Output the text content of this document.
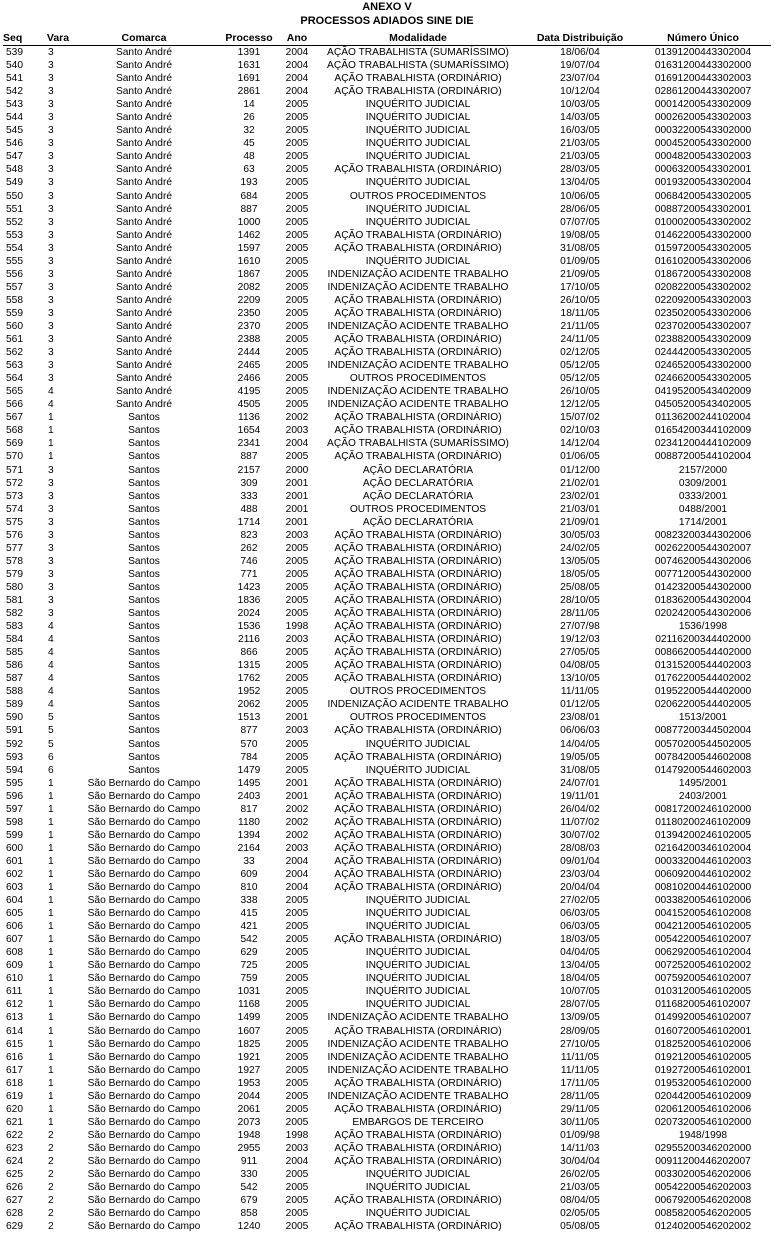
ANEXO V
PROCESSOS ADIADOS SINE DIE
Seq	Vara	Comarca	Processo	Ano	Modalidade	Data Distribuição	Número Único
539	3	Santo André	1391	2004	AÇÃO TRABALHISTA (SUMARÍSSIMO)	18/06/04	01391200443302004
540	3	Santo André	1631	2004	AÇÃO TRABALHISTA (SUMARÍSSIMO)	19/07/04	01631200443302000
541	3	Santo André	1691	2004	AÇÃO TRABALHISTA (ORDINÁRIO)	23/07/04	01691200443302003
542	3	Santo André	2861	2004	AÇÃO TRABALHISTA (ORDINÁRIO)	10/12/04	02861200443302007
543	3	Santo André	14	2005	INQUÉRITO JUDICIAL	10/03/05	00014200543302009
544	3	Santo André	26	2005	INQUÉRITO JUDICIAL	14/03/05	00026200543302003
545	3	Santo André	32	2005	INQUÉRITO JUDICIAL	16/03/05	00032200543302000
546	3	Santo André	45	2005	INQUÉRITO JUDICIAL	21/03/05	00045200543302000
547	3	Santo André	48	2005	INQUÉRITO JUDICIAL	21/03/05	00048200543302003
548	3	Santo André	63	2005	AÇÃO TRABALHISTA (ORDINÁRIO)	28/03/05	00063200543302001
549	3	Santo André	193	2005	INQUÉRITO JUDICIAL	13/04/05	00193200543302004
550	3	Santo André	684	2005	OUTROS PROCEDIMENTOS	10/06/05	00684200543302005
551	3	Santo André	887	2005	INQUÉRITO JUDICIAL	28/06/05	00887200543302001
552	3	Santo André	1000	2005	INQUÉRITO JUDICIAL	07/07/05	01000200543302002
553	3	Santo André	1462	2005	AÇÃO TRABALHISTA (ORDINÁRIO)	19/08/05	01462200543302000
554	3	Santo André	1597	2005	AÇÃO TRABALHISTA (ORDINÁRIO)	31/08/05	01597200543302005
555	3	Santo André	1610	2005	INQUÉRITO JUDICIAL	01/09/05	01610200543302006
556	3	Santo André	1867	2005	INDENIZAÇÃO ACIDENTE TRABALHO	21/09/05	01867200543302008
557	3	Santo André	2082	2005	INDENIZAÇÃO ACIDENTE TRABALHO	17/10/05	02082200543302002
558	3	Santo André	2209	2005	AÇÃO TRABALHISTA (ORDINÁRIO)	26/10/05	02209200543302003
559	3	Santo André	2350	2005	AÇÃO TRABALHISTA (ORDINÁRIO)	18/11/05	02350200543302006
560	3	Santo André	2370	2005	INDENIZAÇÃO ACIDENTE TRABALHO	21/11/05	02370200543302007
561	3	Santo André	2388	2005	AÇÃO TRABALHISTA (ORDINÁRIO)	24/11/05	02388200543302009
562	3	Santo André	2444	2005	AÇÃO TRABALHISTA (ORDINÁRIO)	02/12/05	02444200543302005
563	3	Santo André	2465	2005	INDENIZAÇÃO ACIDENTE TRABALHO	05/12/05	02465200543302000
564	3	Santo André	2466	2005	OUTROS PROCEDIMENTOS	05/12/05	02466200543302005
565	4	Santo André	4195	2005	INDENIZAÇÃO ACIDENTE TRABALHO	26/10/05	04195200543402009
566	4	Santo André	4505	2005	INDENIZAÇÃO ACIDENTE TRABALHO	12/12/05	04505200543402005
567	1	Santos	1136	2002	AÇÃO TRABALHISTA (ORDINÁRIO)	15/07/02	01136200244102004
568	1	Santos	1654	2003	AÇÃO TRABALHISTA (ORDINÁRIO)	02/10/03	01654200344102009
569	1	Santos	2341	2004	AÇÃO TRABALHISTA (SUMARÍSSIMO)	14/12/04	02341200444102009
570	1	Santos	887	2005	AÇÃO TRABALHISTA (ORDINÁRIO)	01/06/05	00887200544102004
571	3	Santos	2157	2000	AÇÃO DECLARATÓRIA	01/12/00	2157/2000
572	3	Santos	309	2001	AÇÃO DECLARATÓRIA	21/02/01	0309/2001
573	3	Santos	333	2001	AÇÃO DECLARATÓRIA	23/02/01	0333/2001
574	3	Santos	488	2001	OUTROS PROCEDIMENTOS	21/03/01	0488/2001
575	3	Santos	1714	2001	AÇÃO DECLARATÓRIA	21/09/01	1714/2001
576	3	Santos	823	2003	AÇÃO TRABALHISTA (ORDINÁRIO)	30/05/03	00823200344302006
577	3	Santos	262	2005	AÇÃO TRABALHISTA (ORDINÁRIO)	24/02/05	00262200544302007
578	3	Santos	746	2005	AÇÃO TRABALHISTA (ORDINÁRIO)	13/05/05	00746200544302006
579	3	Santos	771	2005	AÇÃO TRABALHISTA (ORDINÁRIO)	18/05/05	00771200544302000
580	3	Santos	1423	2005	AÇÃO TRABALHISTA (ORDINÁRIO)	25/08/05	01423200544302000
581	3	Santos	1836	2005	AÇÃO TRABALHISTA (ORDINÁRIO)	28/10/05	01836200544302004
582	3	Santos	2024	2005	AÇÃO TRABALHISTA (ORDINÁRIO)	28/11/05	02024200544302006
583	4	Santos	1536	1998	AÇÃO TRABALHISTA (ORDINÁRIO)	27/07/98	1536/1998
584	4	Santos	2116	2003	AÇÃO TRABALHISTA (ORDINÁRIO)	19/12/03	02116200344402000
585	4	Santos	866	2005	AÇÃO TRABALHISTA (ORDINÁRIO)	27/05/05	00866200544402000
586	4	Santos	1315	2005	AÇÃO TRABALHISTA (ORDINÁRIO)	04/08/05	01315200544402003
587	4	Santos	1762	2005	AÇÃO TRABALHISTA (ORDINÁRIO)	13/10/05	01762200544402002
588	4	Santos	1952	2005	OUTROS PROCEDIMENTOS	11/11/05	01952200544402000
589	4	Santos	2062	2005	INDENIZAÇÃO ACIDENTE TRABALHO	01/12/05	02062200544402005
590	5	Santos	1513	2001	OUTROS PROCEDIMENTOS	23/08/01	1513/2001
591	5	Santos	877	2003	AÇÃO TRABALHISTA (ORDINÁRIO)	06/06/03	00877200344502004
592	5	Santos	570	2005	INQUÉRITO JUDICIAL	14/04/05	00570200544502005
593	6	Santos	784	2005	AÇÃO TRABALHISTA (ORDINÁRIO)	19/05/05	00784200544602008
594	6	Santos	1479	2005	INQUÉRITO JUDICIAL	31/08/05	01479200544602003
595	1	São Bernardo do Campo	1495	2001	AÇÃO TRABALHISTA (ORDINÁRIO)	24/07/01	1495/2001
596	1	São Bernardo do Campo	2403	2001	AÇÃO TRABALHISTA (ORDINÁRIO)	19/11/01	2403/2001
597	1	São Bernardo do Campo	817	2002	AÇÃO TRABALHISTA (ORDINÁRIO)	26/04/02	00817200246102000
598	1	São Bernardo do Campo	1180	2002	AÇÃO TRABALHISTA (ORDINÁRIO)	11/07/02	01180200246102009
599	1	São Bernardo do Campo	1394	2002	AÇÃO TRABALHISTA (ORDINÁRIO)	30/07/02	01394200246102005
600	1	São Bernardo do Campo	2164	2003	AÇÃO TRABALHISTA (ORDINÁRIO)	28/08/03	02164200346102004
601	1	São Bernardo do Campo	33	2004	AÇÃO TRABALHISTA (ORDINÁRIO)	09/01/04	00033200446102003
602	1	São Bernardo do Campo	609	2004	AÇÃO TRABALHISTA (ORDINÁRIO)	23/03/04	00609200446102002
603	1	São Bernardo do Campo	810	2004	AÇÃO TRABALHISTA (ORDINÁRIO)	20/04/04	00810200446102000
604	1	São Bernardo do Campo	338	2005	INQUÉRITO JUDICIAL	27/02/05	00338200546102006
605	1	São Bernardo do Campo	415	2005	INQUÉRITO JUDICIAL	06/03/05	00415200546102008
606	1	São Bernardo do Campo	421	2005	INQUÉRITO JUDICIAL	06/03/05	00421200546102005
607	1	São Bernardo do Campo	542	2005	AÇÃO TRABALHISTA (ORDINÁRIO)	18/03/05	00542200546102007
608	1	São Bernardo do Campo	629	2005	INQUÉRITO JUDICIAL	04/04/05	00629200546102004
609	1	São Bernardo do Campo	725	2005	INQUÉRITO JUDICIAL	13/04/05	00725200546102002
610	1	São Bernardo do Campo	759	2005	INQUÉRITO JUDICIAL	18/04/05	00759200546102007
611	1	São Bernardo do Campo	1031	2005	INQUÉRITO JUDICIAL	10/07/05	01031200546102005
612	1	São Bernardo do Campo	1168	2005	INQUÉRITO JUDICIAL	28/07/05	01168200546102007
613	1	São Bernardo do Campo	1499	2005	INDENIZAÇÃO ACIDENTE TRABALHO	13/09/05	01499200546102007
614	1	São Bernardo do Campo	1607	2005	AÇÃO TRABALHISTA (ORDINÁRIO)	28/09/05	01607200546102001
615	1	São Bernardo do Campo	1825	2005	INDENIZAÇÃO ACIDENTE TRABALHO	27/10/05	01825200546102006
616	1	São Bernardo do Campo	1921	2005	INDENIZAÇÃO ACIDENTE TRABALHO	11/11/05	01921200546102005
617	1	São Bernardo do Campo	1927	2005	INDENIZAÇÃO ACIDENTE TRABALHO	11/11/05	01927200546102001
618	1	São Bernardo do Campo	1953	2005	AÇÃO TRABALHISTA (ORDINÁRIO)	17/11/05	01953200546102000
619	1	São Bernardo do Campo	2044	2005	INDENIZAÇÃO ACIDENTE TRABALHO	28/11/05	02044200546102009
620	1	São Bernardo do Campo	2061	2005	AÇÃO TRABALHISTA (ORDINÁRIO)	29/11/05	02061200546102006
621	1	São Bernardo do Campo	2073	2005	EMBARGOS DE TERCEIRO	30/11/05	02073200546102000
622	2	São Bernardo do Campo	1948	1998	AÇÃO TRABALHISTA (ORDINÁRIO)	01/09/98	1948/1998
623	2	São Bernardo do Campo	2955	2003	AÇÃO TRABALHISTA (ORDINÁRIO)	14/11/03	02955200346202000
624	2	São Bernardo do Campo	911	2004	AÇÃO TRABALHISTA (ORDINÁRIO)	30/04/04	00911200446202007
625	2	São Bernardo do Campo	330	2005	INQUÉRITO JUDICIAL	26/02/05	00330200546202006
626	2	São Bernardo do Campo	542	2005	INQUÉRITO JUDICIAL	21/03/05	00542200546202003
627	2	São Bernardo do Campo	679	2005	AÇÃO TRABALHISTA (ORDINÁRIO)	08/04/05	00679200546202008
628	2	São Bernardo do Campo	858	2005	INQUÉRITO JUDICIAL	02/05/05	00858200546202005
629	2	São Bernardo do Campo	1240	2005	AÇÃO TRABALHISTA (ORDINÁRIO)	05/08/05	01240200546202002
